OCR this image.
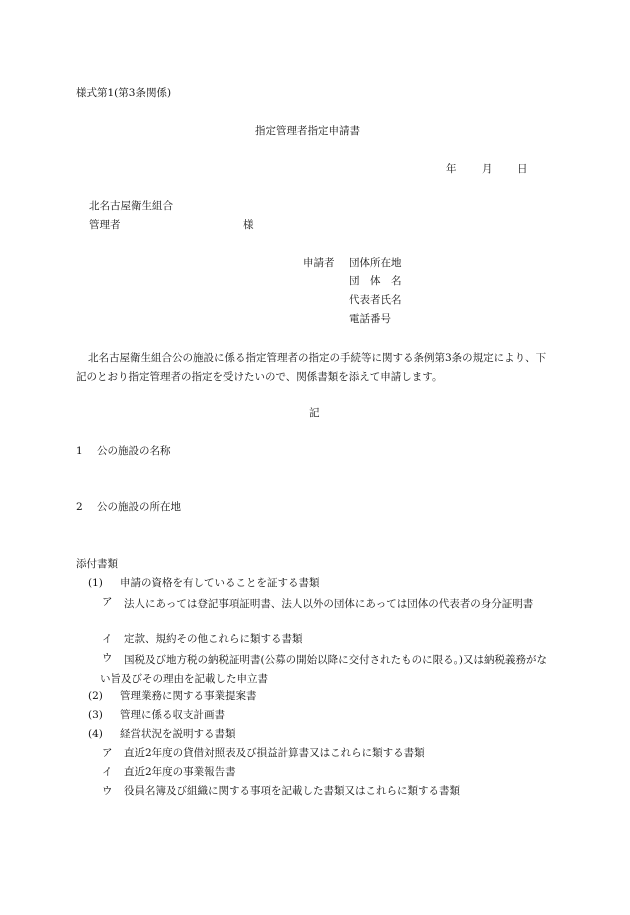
様式第1(第3条関係)

指定管理者指定申請書

年 月 日

北名古屋衛生組合

管理者	様

申請者 団体所在地

団　体　名

代表者氏名

電話番号

北名古屋衛生組合公の施設に係る指定管理者の指定の手続等に関する条例第3条の規定により、下記のとおり指定管理者の指定を受けたいので、関係書類を添えて申請します。

記

1 公の施設の名称

2 公の施設の所在地

添付書類

(1) 申請の資格を有していることを証する書類

ア	法人にあっては登記事項証明書、法人以外の団体にあっては団体の代表者の身分証明書

イ 定款、規約その他これらに類する書類

ウ	国税及び地方税の納税証明書(公募の開始以降に交付されたものに限る。)又は納税義務がない旨及びその理由を記載した申立書

(2) 管理業務に関する事業提案書

(3) 管理に係る収支計画書

(4) 経営状況を説明する書類

ア 直近2年度の貸借対照表及び損益計算書又はこれらに類する書類

イ 直近2年度の事業報告書

ウ 役員名簿及び組織に関する事項を記載した書類又はこれらに類する書類
